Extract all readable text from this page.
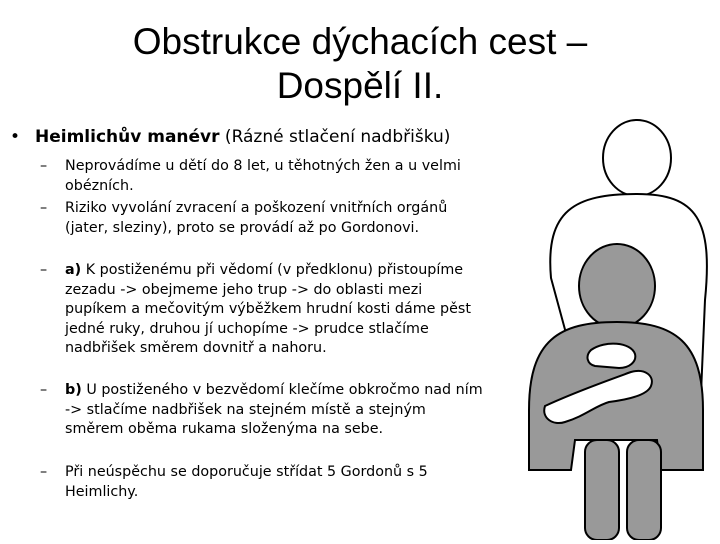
Obstrukce dýchacích cest –
Dospělí II.
• Heimlichův manévr (Rázné stlačení nadbřišku)
– Neprovádíme u dětí do 8 let, u těhotných žen a u velmi obézních.
– Riziko vyvolání zvracení a poškození vnitřních orgánů (jater, sleziny), proto se provádí až po Gordonovi.
– a) K postiženému při vědomí (v předklonu) přistoupíme zezadu -> obejmeme jeho trup -> do oblasti mezi pupíkem a mečovitým výběžkem hrudní kosti dáme pěst jedné ruky, druhou jí uchopíme -> prudce stlačíme nadbřišek směrem dovnitř a nahoru.
– b) U postiženého v bezvědomí klečíme obkročmo nad ním -> stlačíme nadbřišek na stejném místě a stejným směrem oběma rukama složenýma na sebe.
– Při neúspěchu se doporučuje střídat 5 Gordonů s 5 Heimlichy.
